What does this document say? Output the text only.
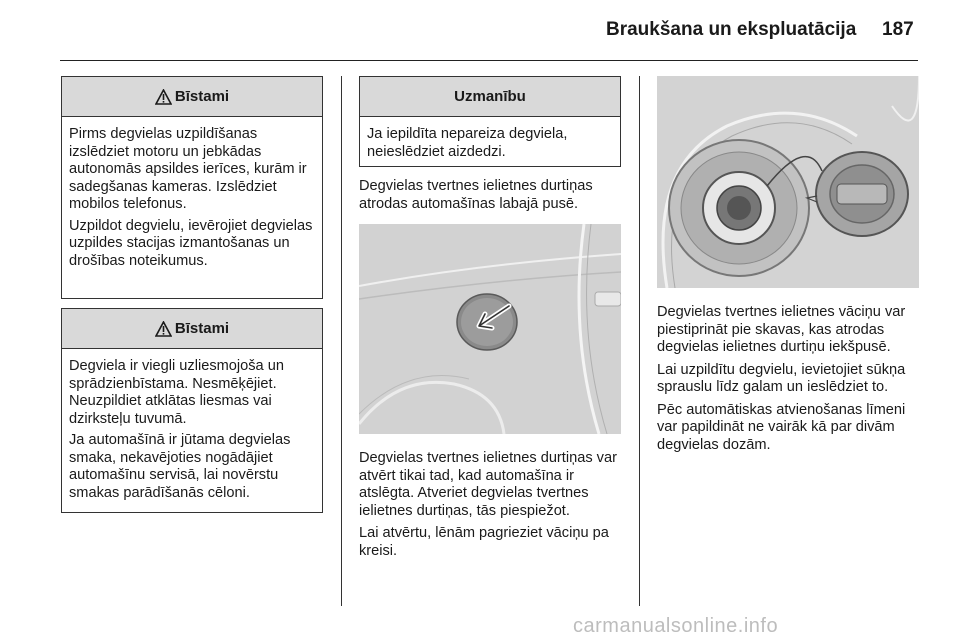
Braukšana un ekspluatācija 187
Bīstami

Pirms degvielas uzpildīšanas izslēdziet motoru un jebkādas autonomās apsildes ierīces, kurām ir sadegšanas kameras. Izslēdziet mobilos telefonus.

Uzpildot degvielu, ievērojiet degvielas uzpildes stacijas izmantošanas un drošības noteikumus.

Bīstami

Degviela ir viegli uzliesmojoša un sprādzienbīstama. Nesmēķējiet. Neuzpildiet atklātas liesmas vai dzirksteļu tuvumā.

Ja automašīnā ir jūtama degvielas smaka, nekavējoties nogādājiet automašīnu servisā, lai novērstu smakas parādīšanās cēloni.

Uzmanību

Ja iepildīta nepareiza degviela, neieslēdziet aizdedzi.

Degvielas tvertnes ielietnes durtiņas atrodas automašīnas labajā pusē.

Degvielas tvertnes ielietnes durtiņas var atvērt tikai tad, kad automašīna ir atslēgta. Atveriet degvielas tvertnes ielietnes durtiņas, tās piespiežot.

Lai atvērtu, lēnām pagrieziet vāciņu pa kreisi.

Degvielas tvertnes ielietnes vāciņu var piestiprināt pie skavas, kas atrodas degvielas ielietnes durtiņu iekšpusē.

Lai uzpildītu degvielu, ievietojiet sūkņa sprauslu līdz galam un ieslēdziet to.

Pēc automātiskas atvienošanas līmeni var papildināt ne vairāk kā par divām degvielas dozām.

carmanualsonline.info
